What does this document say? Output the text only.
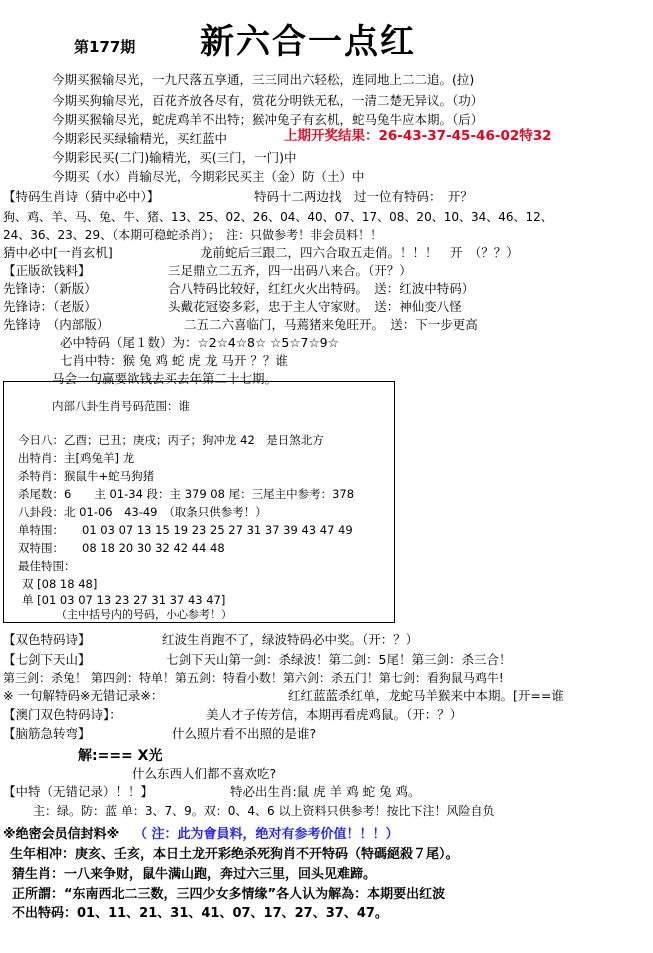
第177期 新六合一点红
今期买猴输尽光，一九尺落五享通，三三同出六轻松，连同地上二二追。(拉)
今期买狗输尽光，百花齐放各尽有，赏花分明铁无私，一清二楚无异议。（功）
今期买猴输尽光，蛇虎鸡羊不出特；猴冲兔子有玄机，蛇马兔牛应本期。（后）
今期彩民买绿输精光，买红蓝中	上期开奖结果：26-43-37-45-46-02特32
今期彩民买(二门)输精光，买(三门，一门)中
今期买（水）肖输尽光，今期彩民买主（金）防（土）中
【特码生肖诗（猜中必中）】	特码十二两边找　过一位有特码：　开？
狗、鸡、羊、马、兔、牛、猪、13、25、02、26、04、40、07、17、08、20、10、34、46、12、
24、36、23、29、（本期可稳蛇杀肖）；　注：只做参考！非会员料！！
猜中必中[一肖玄机]	龙前蛇后三跟二，四六合取五走俏。！！！　开　（？？）
【正版欲钱料】	三足鼎立二五齐，四一出码八来合。（开？）
先锋诗：（新版）	合八特码比较好，红红火火出特码。　送：红波中特码）
先锋诗：（老版）	头戴花冠姿多彩，忠于主人守家财。　送：神仙变八怪
先锋诗　（内部版）	二五二六喜临门，马蔫猪来兔旺开。　送：下一步更高
必中特码（尾１数）为：☆2☆4☆8☆ ☆5☆7☆9☆
七肖中特：猴 兔 鸡 蛇 虎 龙 马开 ？？谁
马会一句赢要欲钱去买去年第二十七期。
内部八卦生肖号码范围：谁
今日八：乙酉；已丑；庚戌；丙子；狗冲龙 42　是日煞北方
出特肖：主[鸡兔羊] 龙
杀特肖：猴鼠牛+蛇马狗猪
杀尾数：6　　主 01-34 段：主 379 08 尾：三尾主中参考：378
八卦段：北 01-06　43-49　（取条只供参考！）
单特围： 01 03 07 13 15 19 23 25 27 31 37 39 43 47 49
双特围： 08 18 20 30 32 42 44 48
最佳特围：
双 [08 18 48]
单 [01 03 07 13 23 27 31 37 43 47]
（主中括号内的号码，小心参考！）
【双色特码诗】	红波生肖跑不了，绿波特码必中奖。（开：？）
【七剑下天山】	七剑下天山第一剑：杀绿波！第二剑：5尾！第三剑：杀三合！
第三剑：杀兔！ 第四剑：特单！第五剑：特看小数！第六剑：杀五门！第七剑：看狗鼠马鸡牛!
※ 一句解特码※无错记录※：	红红蓝蓝杀红单，龙蛇马羊猴来中本期。[开==谁
【澳门双色特码诗】：	美人才子传芳信，本期再看虎鸡鼠。（开：？）
【脑筋急转弯】	什么照片看不出照的是谁?
解:=== X光
什么东西人们都不喜欢吃?
【中特（无错记录）！！】	特必出生肖:鼠 虎 羊 鸡 蛇 兔 鸡。
主：绿。防：蓝 单：3、7、9。双：0、4、6 以上资料只供参考！按比下注！风险自负
※绝密会员信封料※ （ 注：此为會員料，绝对有参考价值！！！）
生年相冲：庚亥、壬亥，本日土龙开彩绝杀死狗肖不开特码（特碼絕殺７尾）。
猜生肖：一八来争财，鼠牛满山跑，奔过六三里，回头见难蹄。
正所謂：“东南西北二三数，三四少女多情缘”各人认为解為：本期要出红波
不出特码：01、11、21、31、41、07、17、27、37、47。
